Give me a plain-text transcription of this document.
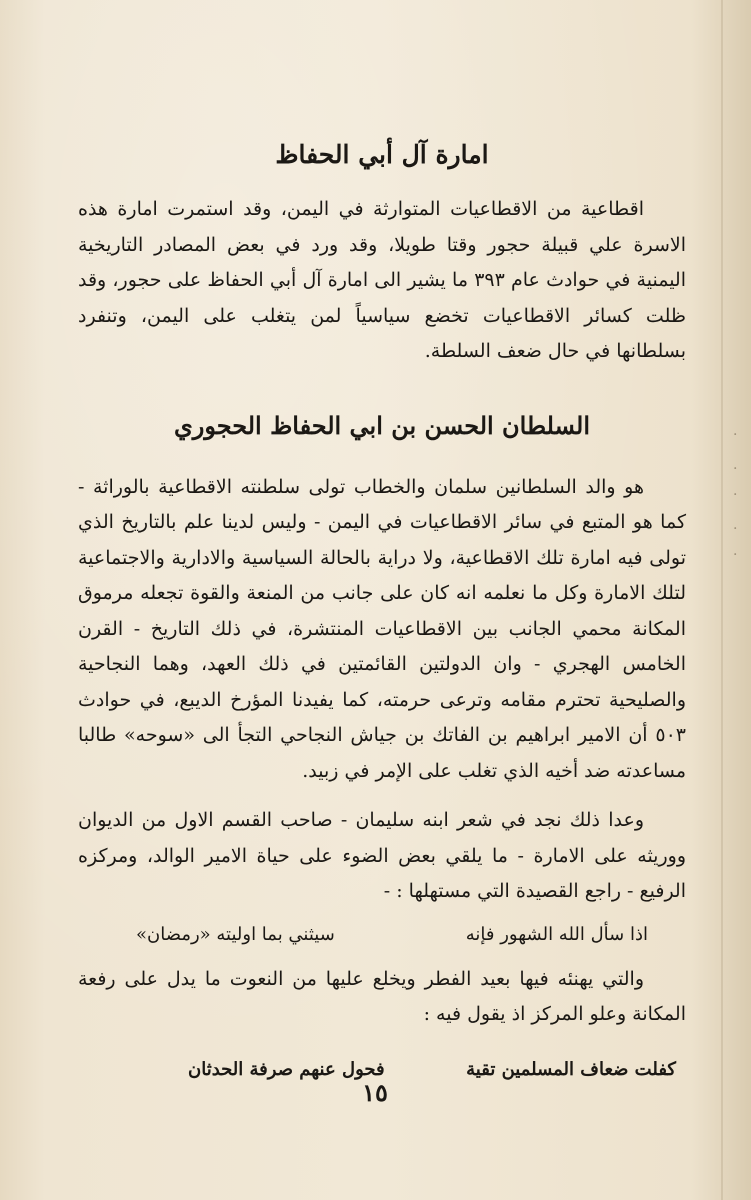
·
.
·
.
·
امارة آل أبي الحفاظ

اقطاعية من الاقطاعيات المتوارثة في اليمن، وقد استمرت امارة هذه الاسرة علي قبيلة حجور وقتا طويلا، وقد ورد في بعض المصادر التاريخية اليمنية في حوادث عام ٣٩٣ ما يشير الى امارة آل أبي الحفاظ على حجور، وقد ظلت كسائر الاقطاعيات تخضع سياسياً لمن يتغلب على اليمن، وتنفرد بسلطانها في حال ضعف السلطة.

السلطان الحسن بن ابي الحفاظ الحجوري

هو والد السلطانين سلمان والخطاب تولى سلطنته الاقطاعية بالوراثة - كما هو المتبع في سائر الاقطاعيات في اليمن - وليس لدينا علم بالتاريخ الذي تولى فيه امارة تلك الاقطاعية، ولا دراية بالحالة السياسية والادارية والاجتماعية لتلك الامارة وكل ما نعلمه انه كان على جانب من المنعة والقوة تجعله مرموق المكانة محمي الجانب بين الاقطاعيات المنتشرة، في ذلك التاريخ - القرن الخامس الهجري - وان الدولتين القائمتين في ذلك العهد، وهما النجاحية والصليحية تحترم مقامه وترعى حرمته، كما يفيدنا المؤرخ الديبع، في حوادث ٥٠٣ أن الامير ابراهيم بن الفاتك بن جياش النجاحي التجأ الى «سوحه» طالبا مساعدته ضد أخيه الذي تغلب على الإمر في زبيد.

وعدا ذلك نجد في شعر ابنه سليمان - صاحب القسم الاول من الديوان ووريثه على الامارة - ما يلقي بعض الضوء على حياة الامير الوالد، ومركزه الرفيع - راجع القصيدة التي مستهلها : -

اذا سأل الله الشهور فإنه
سيثني بما اوليته «رمضان»

والتي يهنئه فيها بعيد الفطر ويخلع عليها من النعوت ما يدل على رفعة المكانة وعلو المركز اذ يقول فيه :

كفلت ضعاف المسلمين تقية
فحول عنهم صرفة الحدثان
١٥
